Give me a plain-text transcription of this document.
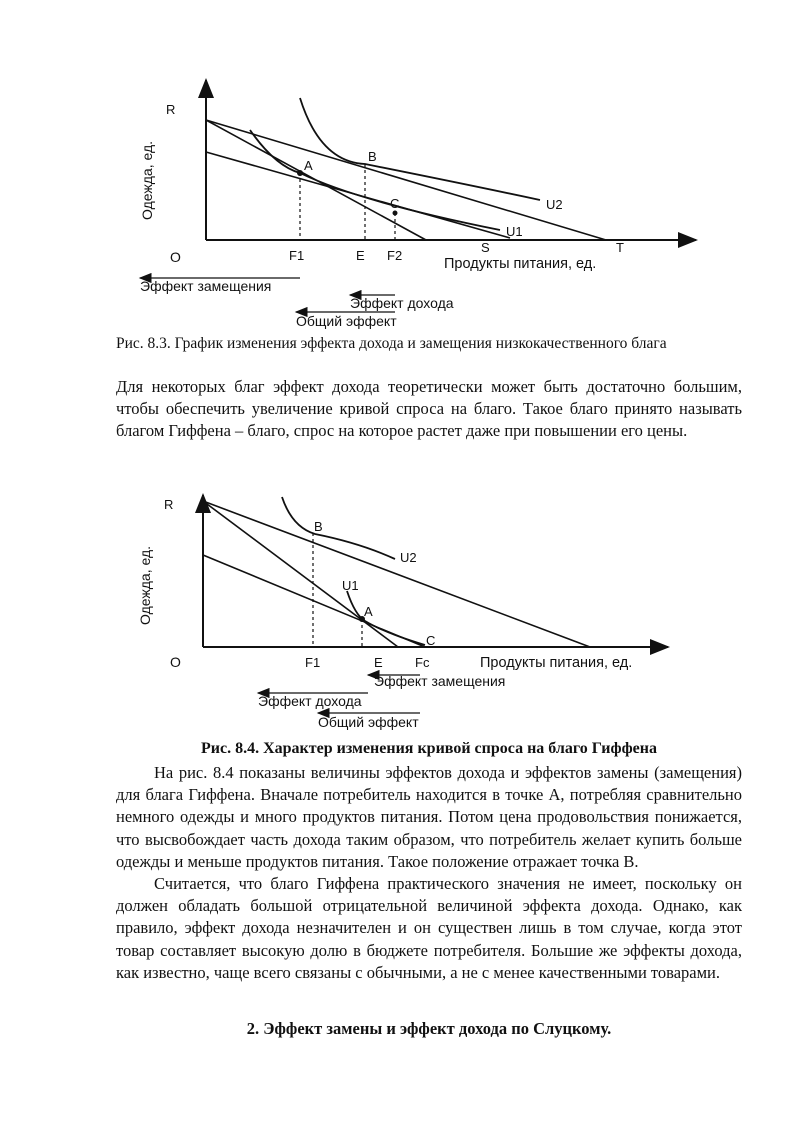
R
Одежда, ед.
O
A
B
C	U2
U1
F1	E F2
S	T
Продукты питания, ед.
Эффект замещения
Эффект дохода
Общий эффект
Рис. 8.3. График изменения эффекта дохода и замещения низкокачественного блага
Для некоторых благ эффект дохода теоретически может быть достаточно большим, чтобы обеспечить увеличение кривой спроса на благо. Такое благо принято называть благом Гиффена – благо, спрос на которое растет даже при повышении его цены.
R
Одежда, ед.
O
B
A
C
U2
U1
F1	E Fc	Продукты питания, ед.
Эффект замещения
Эффект дохода
Общий эффект
Рис. 8.4. Характер изменения кривой спроса на благо Гиффена

На рис. 8.4 показаны величины эффектов дохода и эффектов замены (замещения) для блага Гиффена. Вначале потребитель находится в точке А, потребляя сравнительно немного одежды и много продуктов питания. Потом цена продовольствия понижается, что высвобождает часть дохода таким образом, что потребитель желает купить больше одежды и меньше продуктов питания. Такое положение отражает точка В.

Считается, что благо Гиффена практического значения не имеет, поскольку он должен обладать большой отрицательной величиной эффекта дохода. Однако, как правило, эффект дохода незначителен и он существен лишь в том случае, когда этот товар составляет высокую долю в бюджете потребителя. Большие же эффекты дохода, как известно, чаще всего связаны с обычными, а не с менее качественными товарами.

2. Эффект замены и эффект дохода по Слуцкому.
